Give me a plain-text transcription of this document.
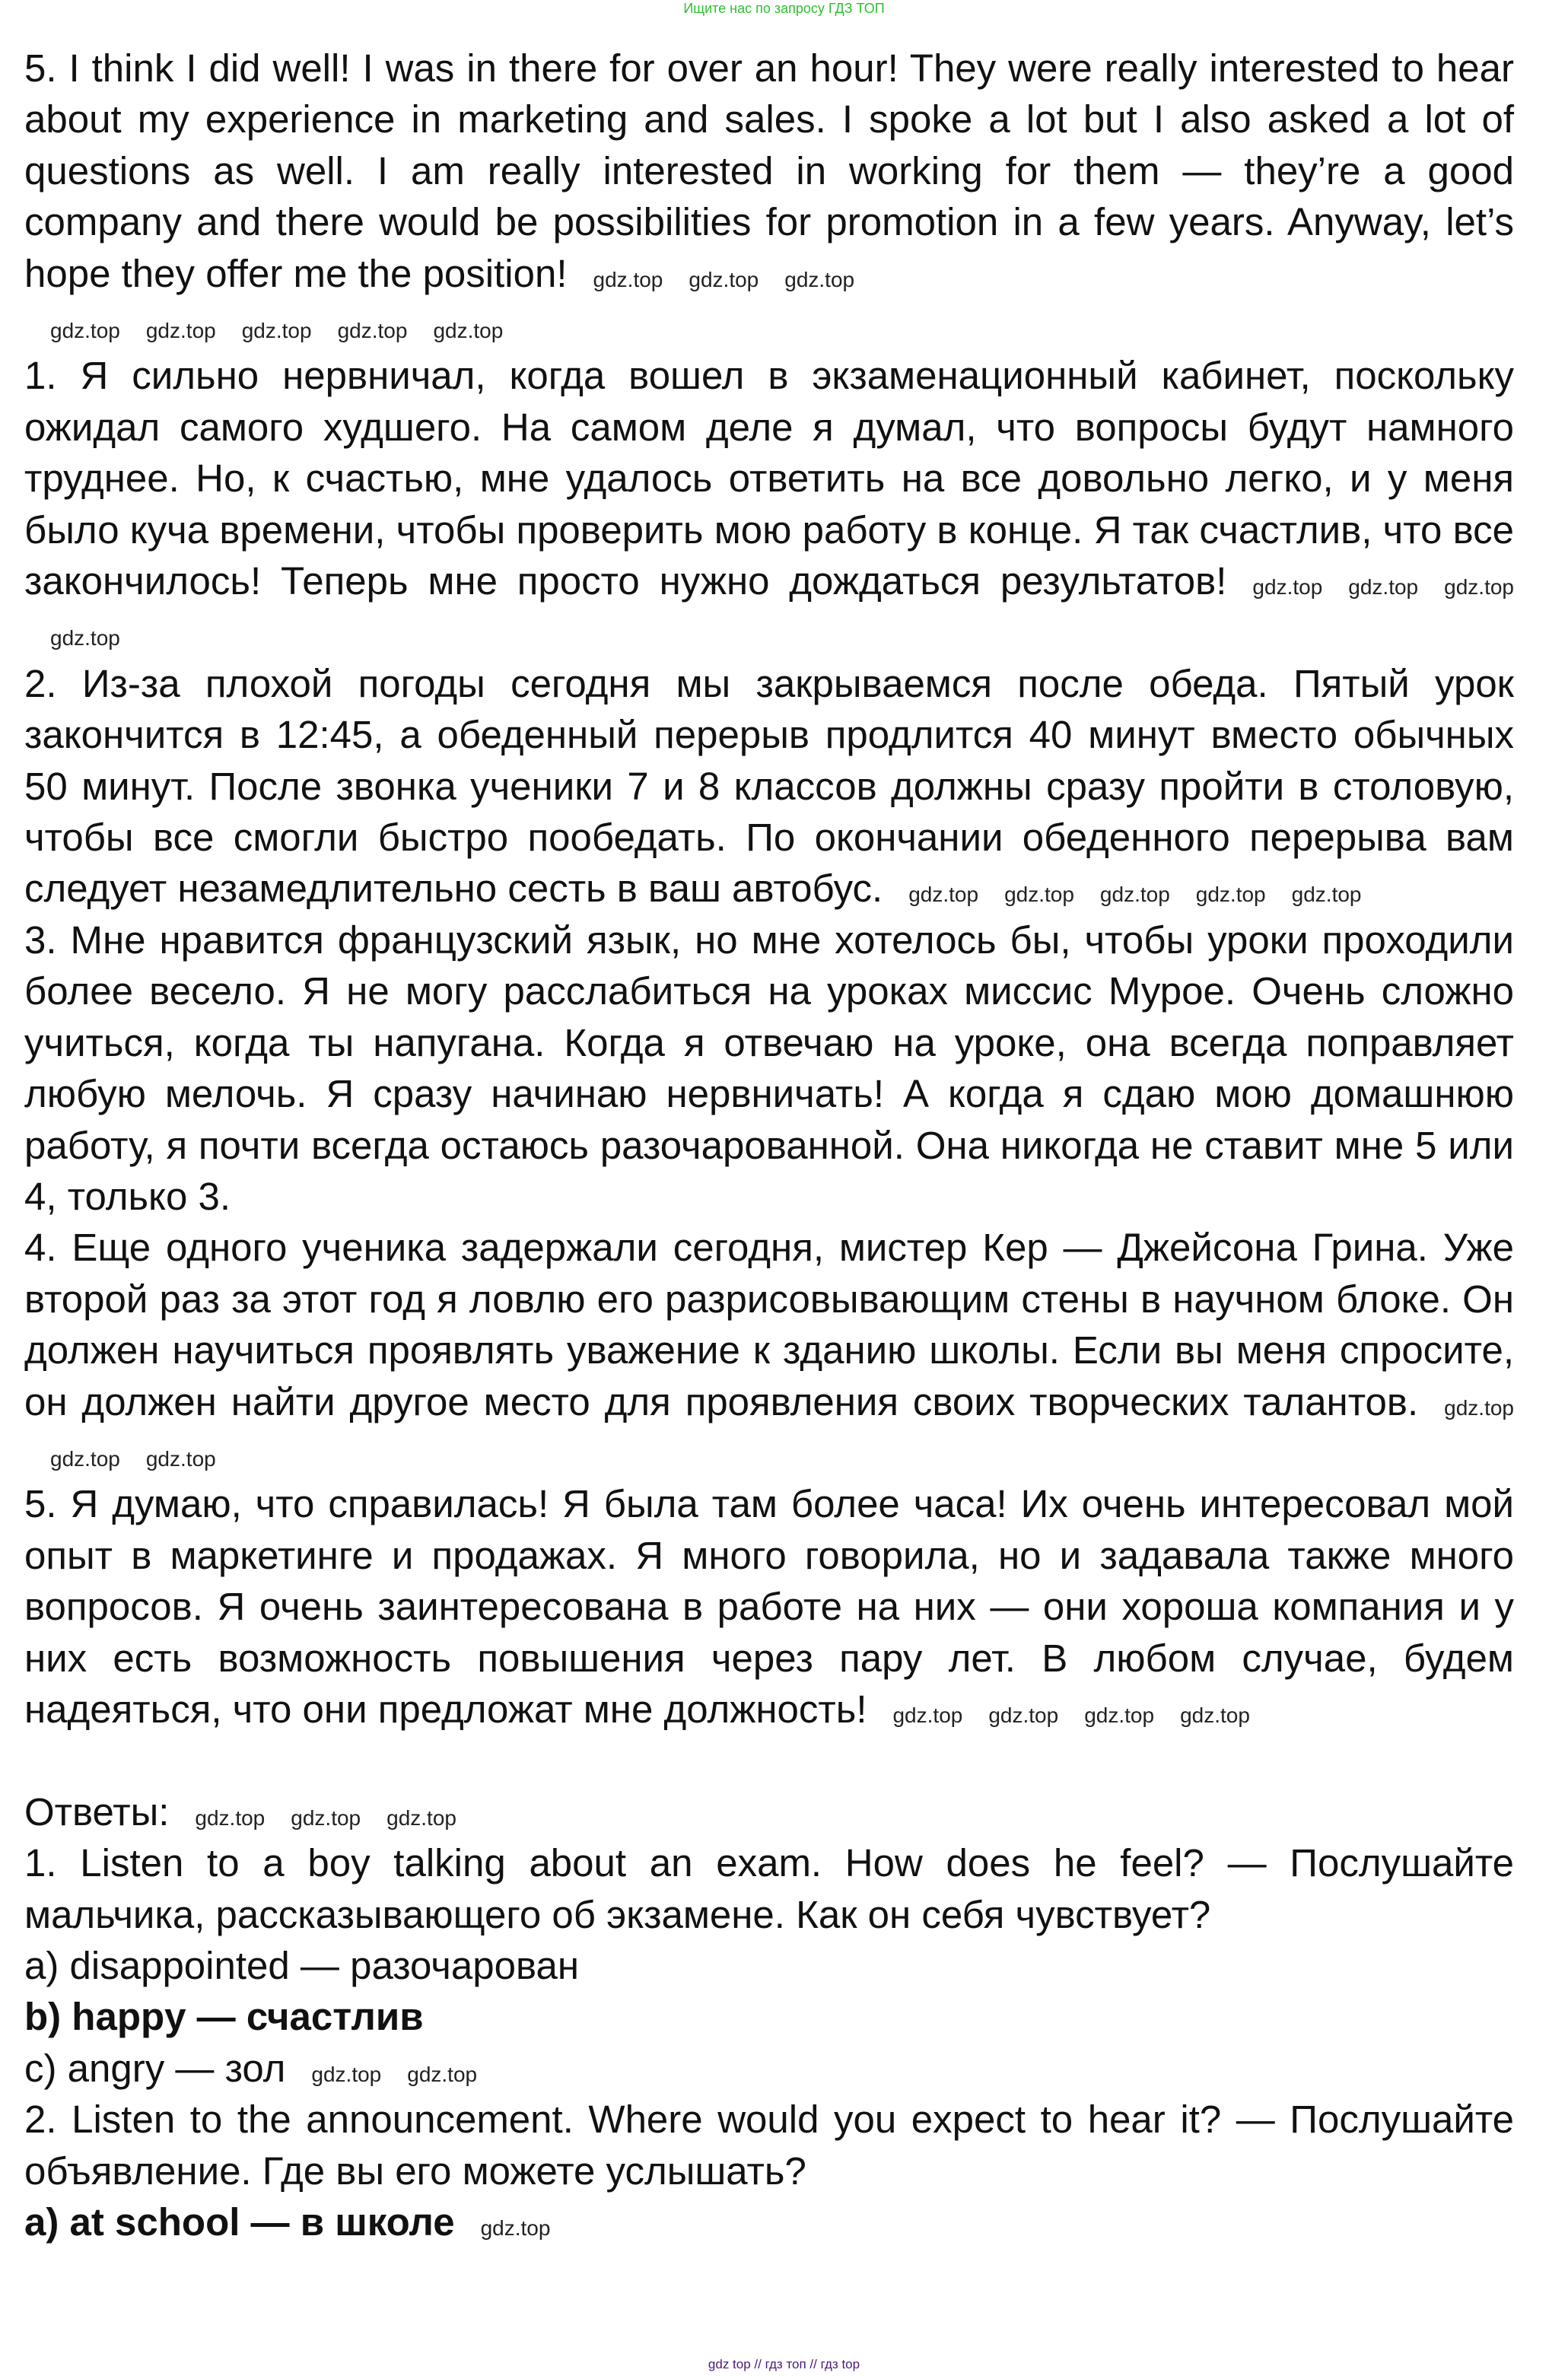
Ищите нас по запросу ГДЗ ТОП

5. I think I did well! I was in there for over an hour! They were really interested to hear about my experience in marketing and sales. I spoke a lot but I also asked a lot of questions as well. I am really interested in working for them — they’re a good company and there would be possibilities for promotion in a few years. Anyway, let’s hope they offer me the position! gdz.top gdz.top gdz.top

gdz.top gdz.top gdz.top gdz.top gdz.top

1. Я сильно нервничал, когда вошел в экзаменационный кабинет, поскольку ожидал самого худшего. На самом деле я думал, что вопросы будут намного труднее. Но, к счастью, мне удалось ответить на все довольно легко, и у меня было куча времени, чтобы проверить мою работу в конце. Я так счастлив, что все закончилось! Теперь мне просто нужно дождаться результатов! gdz.top gdz.top gdz.topgdz.top

2. Из-за плохой погоды сегодня мы закрываемся после обеда. Пятый урок закончится в 12:45, а обеденный перерыв продлится 40 минут вместо обычных 50 минут. После звонка ученики 7 и 8 классов должны сразу пройти в столовую, чтобы все смогли быстро пообедать. По окончании обеденного перерыва вам следует незамедлительно сесть в ваш автобус. gdz.top gdz.top gdz.top gdz.top gdz.top

3. Мне нравится французский язык, но мне хотелось бы, чтобы уроки проходили более весело. Я не могу расслабиться на уроках миссис Мурое. Очень сложно учиться, когда ты напугана. Когда я отвечаю на уроке, она всегда поправляет любую мелочь. Я сразу начинаю нервничать! А когда я сдаю мою домашнюю работу, я почти всегда остаюсь разочарованной. Она никогда не ставит мне 5 или 4, только 3.

4. Еще одного ученика задержали сегодня, мистер Кер — Джейсона Грина. Уже второй раз за этот год я ловлю его разрисовывающим стены в научном блоке. Он должен научиться проявлять уважение к зданию школы. Если вы меня спросите, он должен найти другое место для проявления своих творческих талантов. gdz.topgdz.top gdz.top

5. Я думаю, что справилась! Я была там более часа! Их очень интересовал мой опыт в маркетинге и продажах. Я много говорила, но и задавала также много вопросов. Я очень заинтересована в работе на них — они хороша компания и у них есть возможность повышения через пару лет. В любом случае, будем надеяться, что они предложат мне должность! gdz.top gdz.top gdz.top gdz.top

Ответы: gdz.top gdz.top gdz.top

1. Listen to a boy talking about an exam. How does he feel? — Послушайте мальчика, рассказывающего об экзамене. Как он себя чувствует?

a) disappointed — разочарован

b) happy — счастлив

c) angry — зол gdz.top gdz.top

2. Listen to the announcement. Where would you expect to hear it? — Послушайте объявление. Где вы его можете услышать?

a) at school — в школе gdz.top

gdz top // гдз топ // гдз top
